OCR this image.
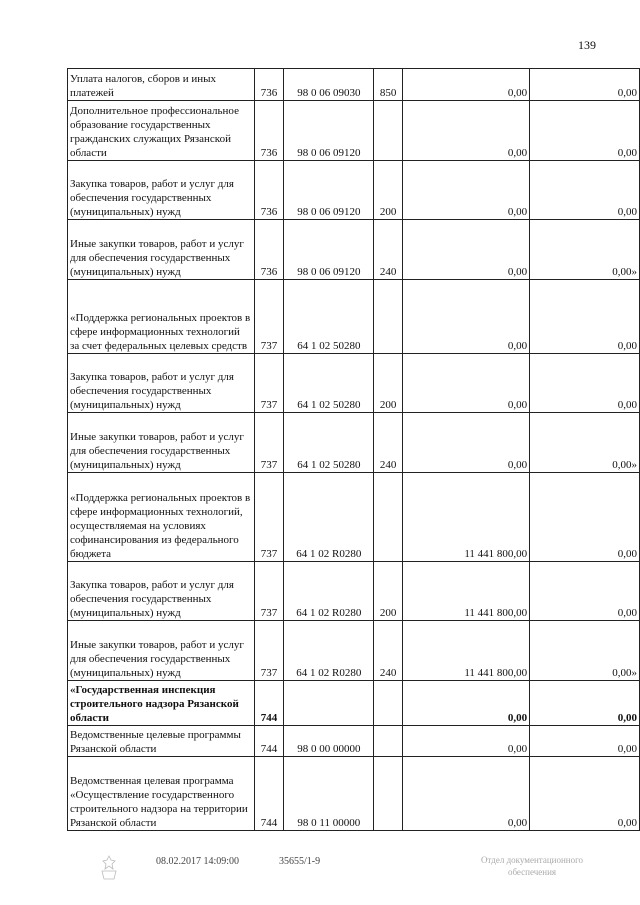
139
Уплата налогов, сборов и иных платежей	736	98 0 06 09030	850	0,00	0,00
Дополнительное профессиональное образование государственных гражданских служащих Рязанской области	736	98 0 06 09120		0,00	0,00
Закупка товаров, работ и услуг для обеспечения государственных (муниципальных) нужд	736	98 0 06 09120	200	0,00	0,00
Иные закупки товаров, работ и услуг для обеспечения государственных (муниципальных) нужд	736	98 0 06 09120	240	0,00	0,00»
«Поддержка региональных проектов в сфере информационных технологий за счет федеральных целевых средств	737	64 1 02 50280		0,00	0,00
Закупка товаров, работ и услуг для обеспечения государственных (муниципальных) нужд	737	64 1 02 50280	200	0,00	0,00
Иные закупки товаров, работ и услуг для обеспечения государственных (муниципальных) нужд	737	64 1 02 50280	240	0,00	0,00»
«Поддержка региональных проектов в сфере информационных технологий, осуществляемая на условиях софинансирования из федерального бюджета	737	64 1 02 R0280		11 441 800,00	0,00
Закупка товаров, работ и услуг для обеспечения государственных (муниципальных) нужд	737	64 1 02 R0280	200	11 441 800,00	0,00
Иные закупки товаров, работ и услуг для обеспечения государственных (муниципальных) нужд	737	64 1 02 R0280	240	11 441 800,00	0,00»
«Государственная инспекция строительного надзора Рязанской области	744			0,00	0,00
Ведомственные целевые программы Рязанской области	744	98 0 00 00000		0,00	0,00
Ведомственная целевая программа «Осуществление государственного строительного надзора на территории Рязанской области	744	98 0 11 00000		0,00	0,00
08.02.2017 14:09:00	35655/1-9	Отдел документационного
обеспечения
